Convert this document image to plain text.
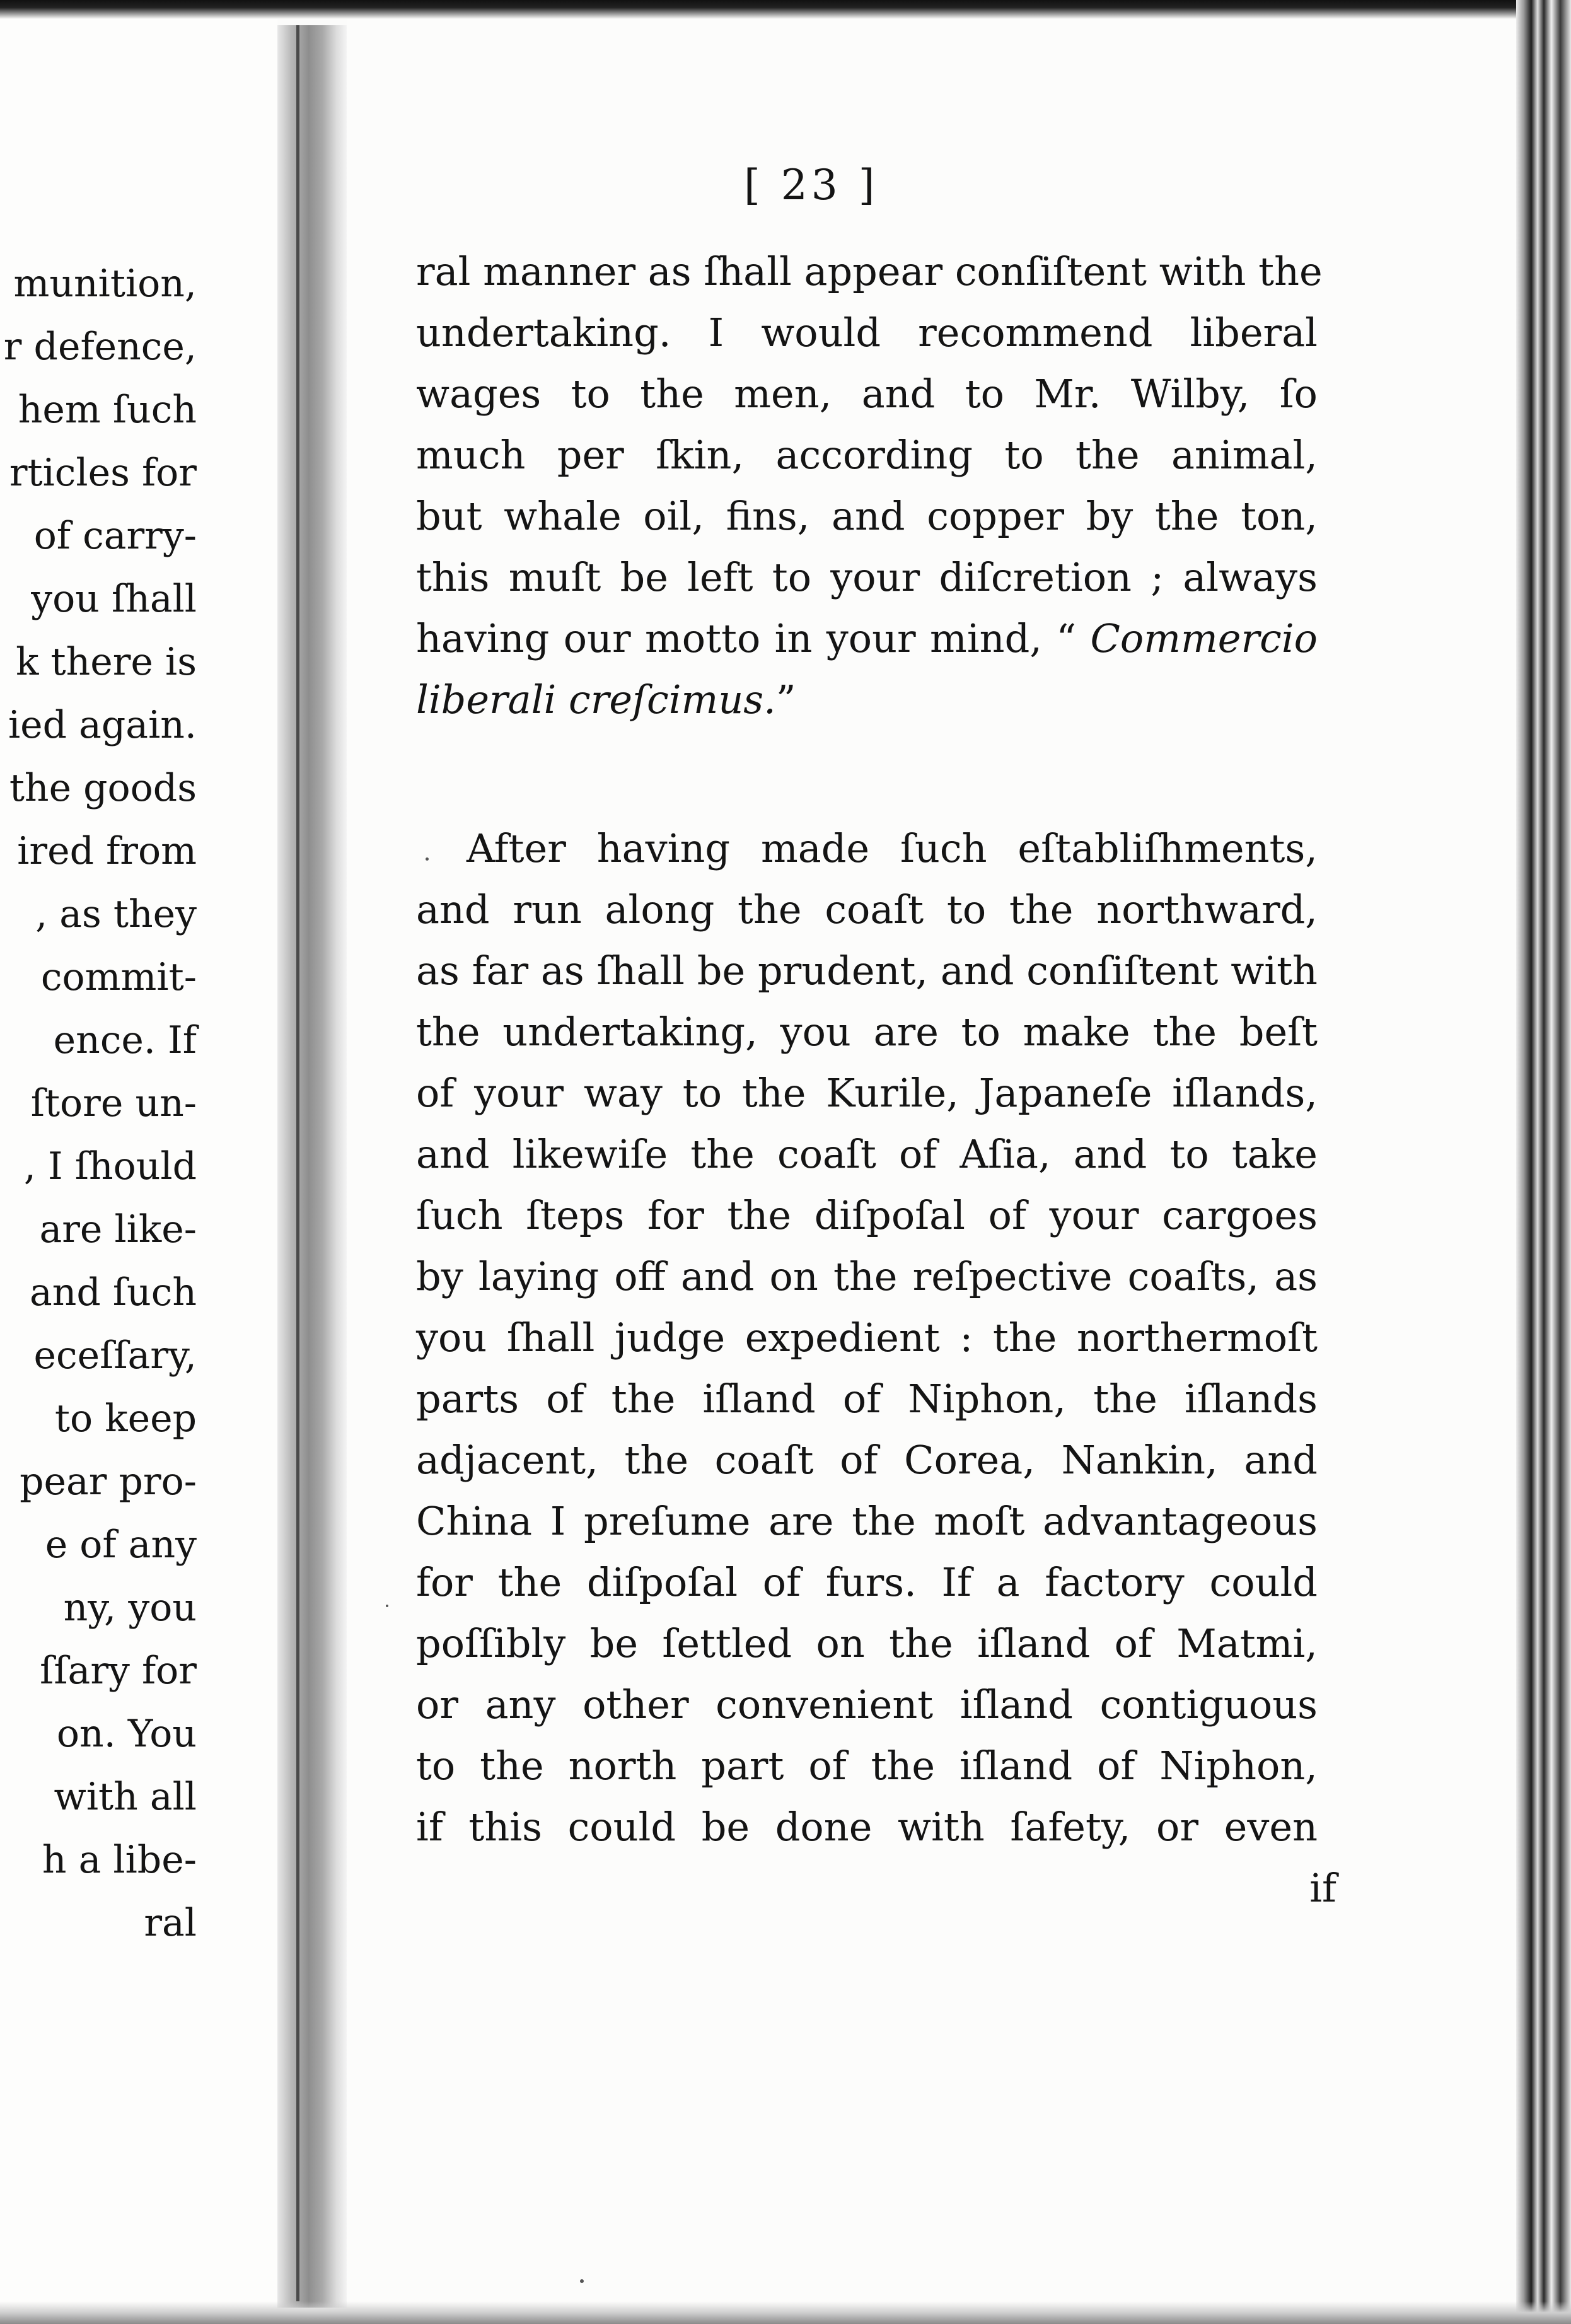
munition,
r defence,
hem ſuch
rticles for
of carry-
you ſhall
k there is
ied again.
the goods
ired from
, as they
commit-
ence. If
ſtore un-
, I ſhould
are like-
and ſuch
eceſſary,
to keep
pear pro-
e of any
ny, you
ſſary for
on. You
with all
h a libe-
ral
[ 23 ]
ral manner as ſhall appear conſiſtent with the
undertaking. I would recommend liberal
wages to the men, and to Mr. Wilby, ſo
much per ſkin, according to the animal,
but whale oil, fins, and copper by the ton,
this muſt be left to your diſcretion ; always
having our motto in your mind, “ Commercio
liberali creſcimus.”
After having made ſuch eſtabliſhments,
and run along the coaſt to the northward,
as far as ſhall be prudent, and conſiſtent with
the undertaking, you are to make the beſt
of your way to the Kurile, Japaneſe iſlands,
and likewiſe the coaſt of Aſia, and to take
ſuch ſteps for the diſpoſal of your cargoes
by laying off and on the reſpective coaſts, as
you ſhall judge expedient : the northermoſt
parts of the iſland of Niphon, the iſlands
adjacent, the coaſt of Corea, Nankin, and
China I preſume are the moſt advantageous
for the diſpoſal of furs. If a factory could
poſſibly be ſettled on the iſland of Matmi,
or any other convenient iſland contiguous
to the north part of the iſland of Niphon,
if this could be done with ſafety, or even
if
